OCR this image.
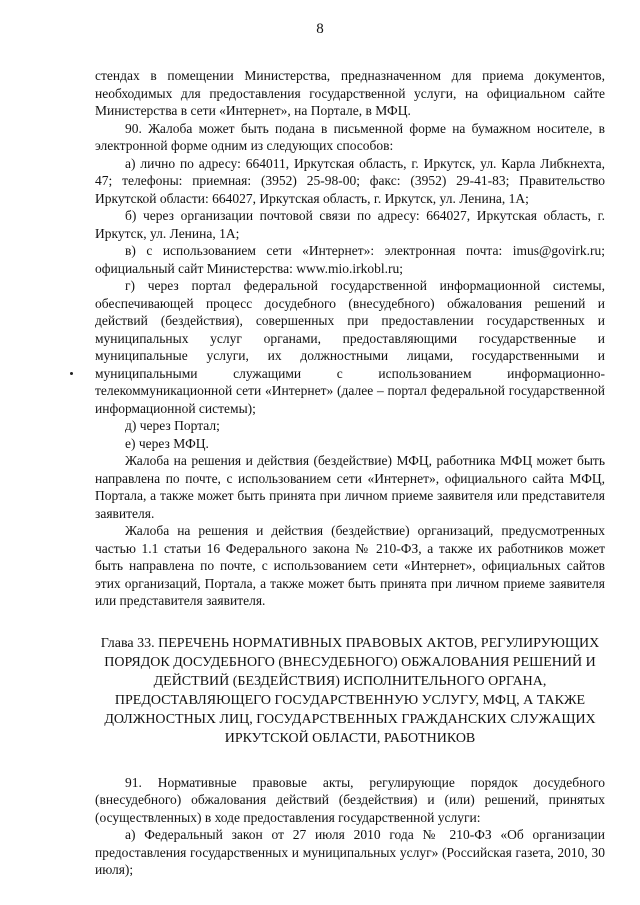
8

стендах в помещении Министерства, предназначенном для приема документов, необходимых для предоставления государственной услуги, на официальном сайте Министерства в сети «Интернет», на Портале, в МФЦ.

90. Жалоба может быть подана в письменной форме на бумажном носителе, в электронной форме одним из следующих способов:

а) лично по адресу: 664011, Иркутская область, г. Иркутск, ул. Карла Либкнехта, 47; телефоны: приемная: (3952) 25-98-00; факс: (3952) 29-41-83; Правительство Иркутской области: 664027, Иркутская область, г. Иркутск, ул. Ленина, 1А;

б) через организации почтовой связи по адресу: 664027, Иркутская область, г. Иркутск, ул. Ленина, 1А;

в) с использованием сети «Интернет»: электронная почта: imus@govirk.ru; официальный сайт Министерства: www.mio.irkobl.ru;

г) через портал федеральной государственной информационной системы, обеспечивающей процесс досудебного (внесудебного) обжалования решений и действий (бездействия), совершенных при предоставлении государственных и муниципальных услуг органами, предоставляющими государственные и муниципальные услуги, их должностными лицами, государственными и муниципальными служащими с использованием информационно-телекоммуникационной сети «Интернет» (далее – портал федеральной государственной информационной системы);

д) через Портал;

е) через МФЦ.

Жалоба на решения и действия (бездействие) МФЦ, работника МФЦ может быть направлена по почте, с использованием сети «Интернет», официального сайта МФЦ, Портала, а также может быть принята при личном приеме заявителя или представителя заявителя.

Жалоба на решения и действия (бездействие) организаций, предусмотренных частью 1.1 статьи 16 Федерального закона № 210-ФЗ, а также их работников может быть направлена по почте, с использованием сети «Интернет», официальных сайтов этих организаций, Портала, а также может быть принята при личном приеме заявителя или представителя заявителя.

Глава 33. ПЕРЕЧЕНЬ НОРМАТИВНЫХ ПРАВОВЫХ АКТОВ, РЕГУЛИРУЮЩИХ ПОРЯДОК ДОСУДЕБНОГО (ВНЕСУДЕБНОГО) ОБЖАЛОВАНИЯ РЕШЕНИЙ И ДЕЙСТВИЙ (БЕЗДЕЙСТВИЯ) ИСПОЛНИТЕЛЬНОГО ОРГАНА, ПРЕДОСТАВЛЯЮЩЕГО ГОСУДАРСТВЕННУЮ УСЛУГУ, МФЦ, А ТАКЖЕ ДОЛЖНОСТНЫХ ЛИЦ, ГОСУДАРСТВЕННЫХ ГРАЖДАНСКИХ СЛУЖАЩИХ ИРКУТСКОЙ ОБЛАСТИ, РАБОТНИКОВ

91. Нормативные правовые акты, регулирующие порядок досудебного (внесудебного) обжалования действий (бездействия) и (или) решений, принятых (осуществленных) в ходе предоставления государственной услуги:

а) Федеральный закон от 27 июля 2010 года № 210-ФЗ «Об организации предоставления государственных и муниципальных услуг» (Российская газета, 2010, 30 июля);
